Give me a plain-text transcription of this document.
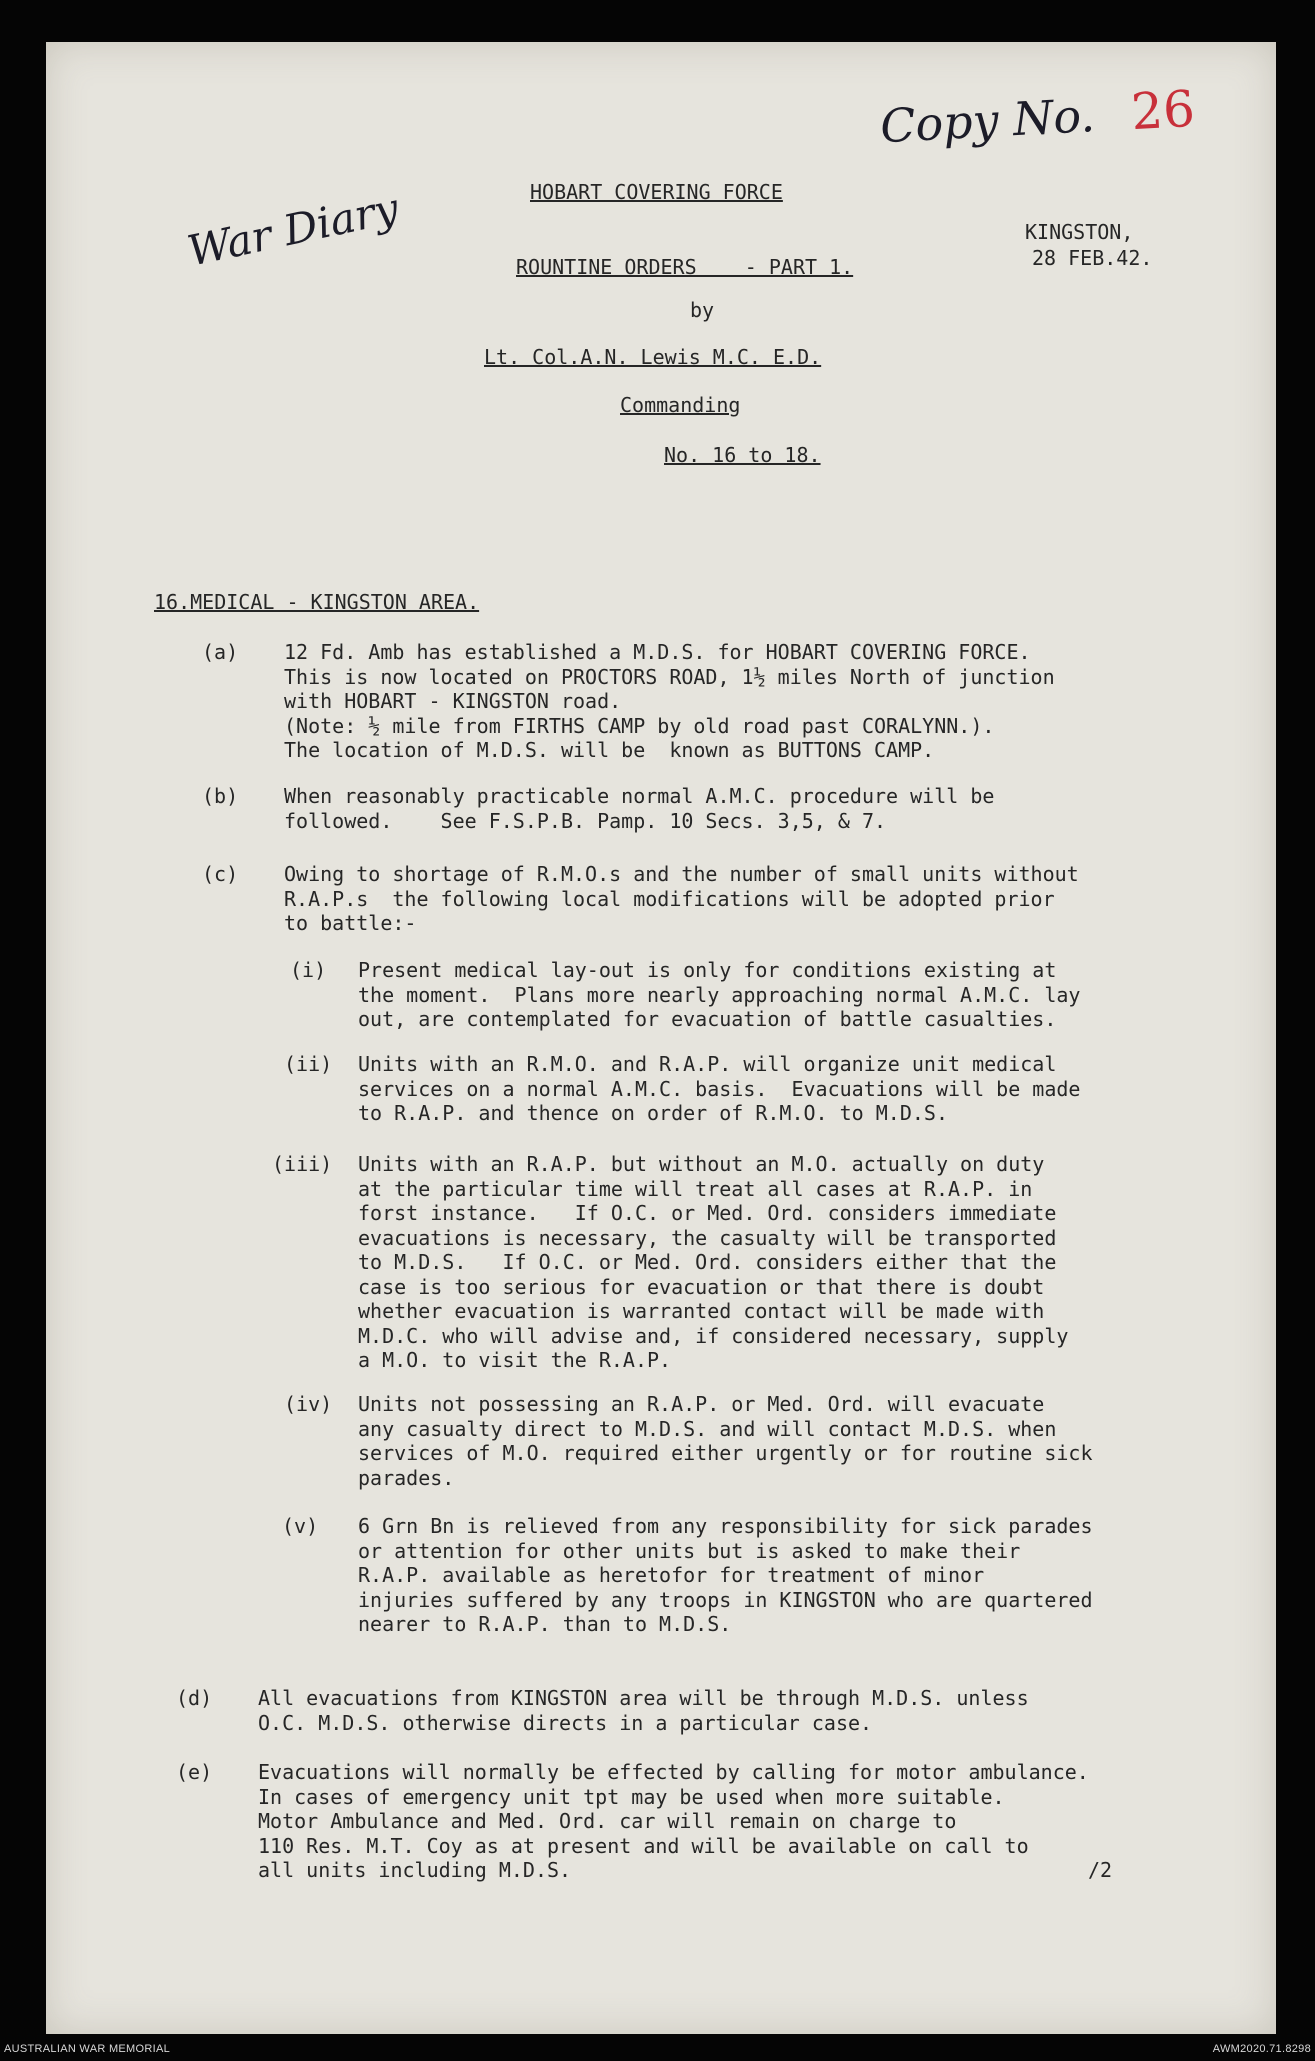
Copy No. 26
War Diary	HOBART COVERING FORCE
ROUNTINE ORDERS    - PART 1.
by
Lt. Col.A.N. Lewis M.C. E.D.
Commanding
No. 16 to 18.
KINGSTON,
28 FEB.42.
16.MEDICAL - KINGSTON AREA.
(a)

12 Fd. Amb has established a M.D.S. for HOBART COVERING FORCE.

This is now located on PROCTORS ROAD, 1½ miles North of junction

with HOBART - KINGSTON road.

(Note: ½ mile from FIRTHS CAMP by old road past CORALYNN.).

The location of M.D.S. will be  known as BUTTONS CAMP.

(b)

When reasonably practicable normal A.M.C. procedure will be

followed.    See F.S.P.B. Pamp. 10 Secs. 3,5, & 7.

(c)

Owing to shortage of R.M.O.s and the number of small units without

R.A.P.s  the following local modifications will be adopted prior

to battle:-

(i)

Present medical lay-out is only for conditions existing at

the moment.  Plans more nearly approaching normal A.M.C. lay

out, are contemplated for evacuation of battle casualties.

(ii)

Units with an R.M.O. and R.A.P. will organize unit medical

services on a normal A.M.C. basis.  Evacuations will be made

to R.A.P. and thence on order of R.M.O. to M.D.S.

(iii)

Units with an R.A.P. but without an M.O. actually on duty

at the particular time will treat all cases at R.A.P. in

forst instance.   If O.C. or Med. Ord. considers immediate

evacuations is necessary, the casualty will be transported

to M.D.S.   If O.C. or Med. Ord. considers either that the

case is too serious for evacuation or that there is doubt

whether evacuation is warranted contact will be made with

M.D.C. who will advise and, if considered necessary, supply

a M.O. to visit the R.A.P.

(iv)

Units not possessing an R.A.P. or Med. Ord. will evacuate

any casualty direct to M.D.S. and will contact M.D.S. when

services of M.O. required either urgently or for routine sick

parades.

(v)

6 Grn Bn is relieved from any responsibility for sick parades

or attention for other units but is asked to make their

R.A.P. available as heretofor for treatment of minor

injuries suffered by any troops in KINGSTON who are quartered

nearer to R.A.P. than to M.D.S.

(d)

All evacuations from KINGSTON area will be through M.D.S. unless

O.C. M.D.S. otherwise directs in a particular case.

(e)

Evacuations will normally be effected by calling for motor ambulance.

In cases of emergency unit tpt may be used when more suitable.

Motor Ambulance and Med. Ord. car will remain on charge to

110 Res. M.T. Coy as at present and will be available on call to

all units including M.D.S.	/2
AUSTRALIAN WAR MEMORIAL	AWM2020.71.8298
